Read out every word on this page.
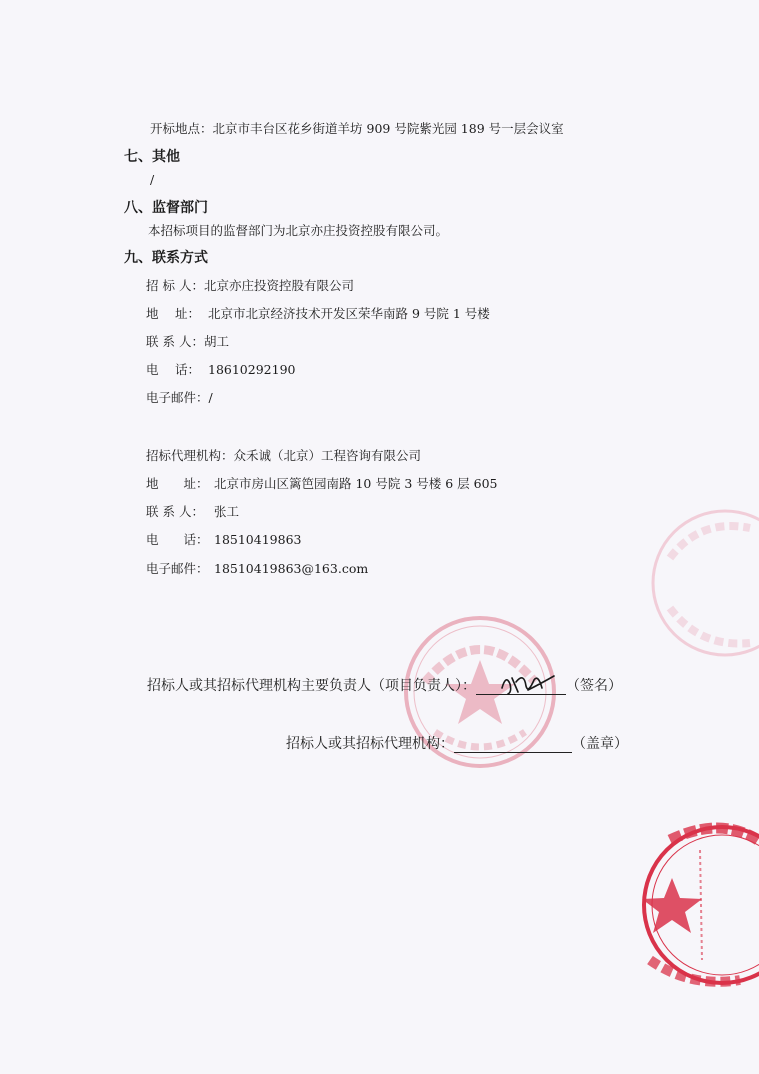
开标地点：北京市丰台区花乡街道羊坊 909 号院紫光园 189 号一层会议室
七、其他
/
八、监督部门
本招标项目的监督部门为北京亦庄投资控股有限公司。
九、联系方式
招 标 人：北京亦庄投资控股有限公司
地　 址： 北京市北京经济技术开发区荣华南路 9 号院 1 号楼
联 系 人：胡工
电　 话： 18610292190
电子邮件：/
招标代理机构：众禾诚（北京）工程咨询有限公司
地　　址： 北京市房山区篱笆园南路 10 号院 3 号楼 6 层 605
联 系 人： 张工
电　　话： 18510419863
电子邮件： 18510419863@163.com
招标人或其招标代理机构主要负责人（项目负责人）：	（签名）
招标人或其招标代理机构：	（盖章）
